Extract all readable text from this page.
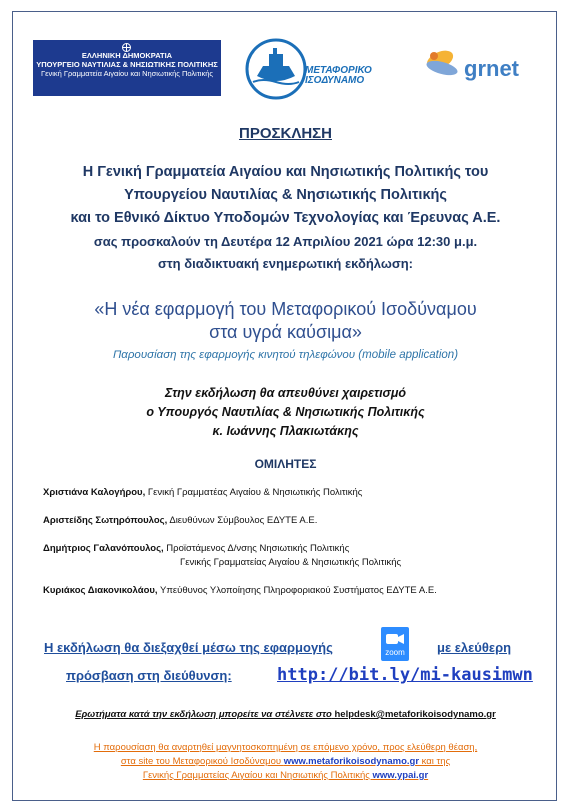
ΕΛΛΗΝΙΚΗ ΔΗΜΟΚΡΑΤΙΑ
ΥΠΟΥΡΓΕΙΟ ΝΑΥΤΙΛΙΑΣ & ΝΗΣΙΩΤΙΚΗΣ ΠΟΛΙΤΙΚΗΣ
Γενική Γραμματεία Αιγαίου και Νησιωτικής Πολιτικής	ΜΕΤΑΦΟΡΙΚΟ ΙΣΟΔΥΝΑΜΟ	grnet
ΠΡΟΣΚΛΗΣΗ
Η Γενική Γραμματεία Αιγαίου και Νησιωτικής Πολιτικής του
Υπουργείου Ναυτιλίας & Νησιωτικής Πολιτικής
και το Εθνικό Δίκτυο Υποδομών Τεχνολογίας και Έρευνας Α.Ε.
σας προσκαλούν τη Δευτέρα 12 Απριλίου 2021 ώρα 12:30 μ.μ.
στη διαδικτυακή ενημερωτική εκδήλωση:
«Η νέα εφαρμογή του Μεταφορικού Ισοδύναμου
στα υγρά καύσιμα»
Παρουσίαση της εφαρμογής κινητού τηλεφώνου (mobile application)
Στην εκδήλωση θα απευθύνει χαιρετισμό
ο Υπουργός Ναυτιλίας & Νησιωτικής Πολιτικής
κ. Ιωάννης Πλακιωτάκης
ΟΜΙΛΗΤΕΣ
Χριστιάνα Καλογήρου, Γενική Γραμματέας Αιγαίου & Νησιωτικής Πολιτικής
Αριστείδης Σωτηρόπουλος, Διευθύνων Σύμβουλος ΕΔΥΤΕ Α.Ε.
Δημήτριος Γαλανόπουλος, Προϊστάμενος Δ/νσης Νησιωτικής Πολιτικής
Γενικής Γραμματείας Αιγαίου & Νησιωτικής Πολιτικής
Κυριάκος Διακονικολάου, Υπεύθυνος Υλοποίησης Πληροφοριακού Συστήματος ΕΔΥΤΕ Α.Ε.
Η εκδήλωση θα διεξαχθεί μέσω της εφαρμογής	zoom	με ελεύθερη
πρόσβαση στη διεύθυνση:	http://bit.ly/mi-kausimwn
Ερωτήματα κατά την εκδήλωση μπορείτε να στέλνετε στο helpdesk@metaforikoisodynamo.gr
Η παρουσίαση θα αναρτηθεί μαγνητοσκοπημένη σε επόμενο χρόνο, προς ελεύθερη θέαση,
στα site του Μεταφορικού Ισοδύναμου www.metaforikoisodynamo.gr και της
Γενικής Γραμματείας Αιγαίου και Νησιωτικής Πολιτικής www.ypai.gr
